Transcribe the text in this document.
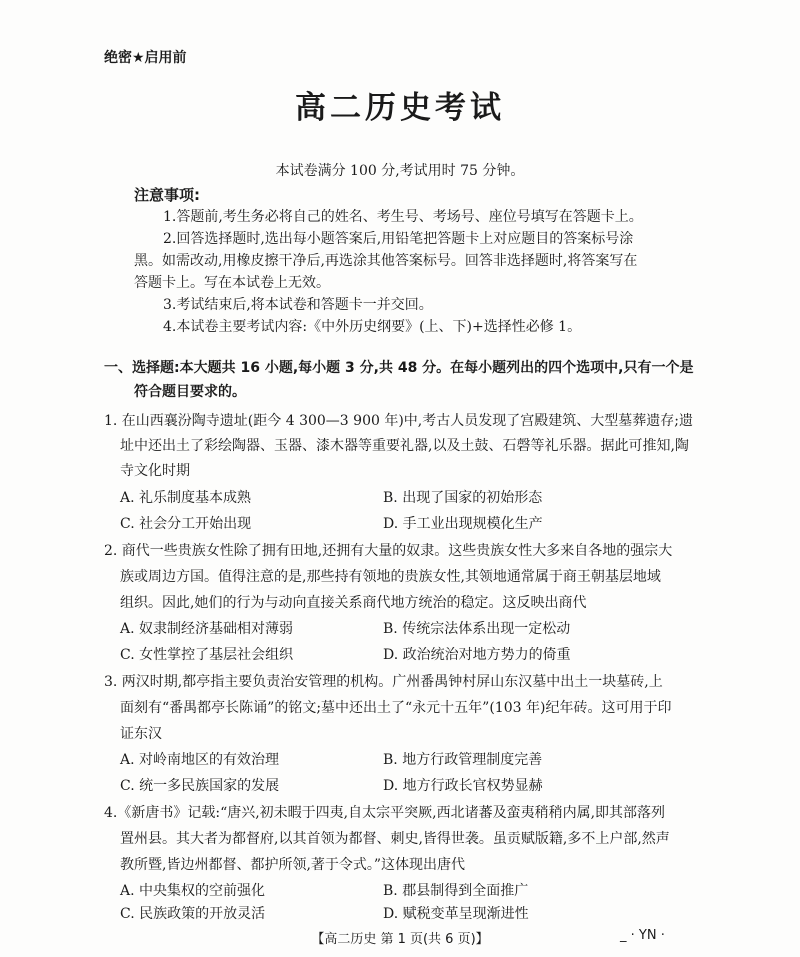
绝密★启用前
高二历史考试
本试卷满分 100 分,考试用时 75 分钟。
注意事项:
1.答题前,考生务必将自己的姓名、考生号、考场号、座位号填写在答题卡上。
2.回答选择题时,选出每小题答案后,用铅笔把答题卡上对应题目的答案标号涂
黑。如需改动,用橡皮擦干净后,再选涂其他答案标号。回答非选择题时,将答案写在
答题卡上。写在本试卷上无效。
3.考试结束后,将本试卷和答题卡一并交回。
4.本试卷主要考试内容:《中外历史纲要》(上、下)+选择性必修 1。
一、选择题:本大题共 16 小题,每小题 3 分,共 48 分。在每小题列出的四个选项中,只有一个是
符合题目要求的。
1. 在山西襄汾陶寺遗址(距今 4 300—3 900 年)中,考古人员发现了宫殿建筑、大型墓葬遗存;遗
址中还出土了彩绘陶器、玉器、漆木器等重要礼器,以及土鼓、石磬等礼乐器。据此可推知,陶
寺文化时期
A. 礼乐制度基本成熟	B. 出现了国家的初始形态
C. 社会分工开始出现	D. 手工业出现规模化生产
2. 商代一些贵族女性除了拥有田地,还拥有大量的奴隶。这些贵族女性大多来自各地的强宗大
族或周边方国。值得注意的是,那些持有领地的贵族女性,其领地通常属于商王朝基层地域
组织。因此,她们的行为与动向直接关系商代地方统治的稳定。这反映出商代
A. 奴隶制经济基础相对薄弱	B. 传统宗法体系出现一定松动
C. 女性掌控了基层社会组织	D. 政治统治对地方势力的倚重
3. 两汉时期,都亭指主要负责治安管理的机构。广州番禺钟村屏山东汉墓中出土一块墓砖,上
面刻有“番禺都亭长陈诵”的铭文;墓中还出土了“永元十五年”(103 年)纪年砖。这可用于印
证东汉
A. 对岭南地区的有效治理	B. 地方行政管理制度完善
C. 统一多民族国家的发展	D. 地方行政长官权势显赫
4.《新唐书》记载:“唐兴,初未暇于四夷,自太宗平突厥,西北诸蕃及蛮夷稍稍内属,即其部落列
置州县。其大者为都督府,以其首领为都督、刺史,皆得世袭。虽贡赋版籍,多不上户部,然声
教所暨,皆边州都督、都护所领,著于令式。”这体现出唐代
A. 中央集权的空前强化	B. 郡县制得到全面推广
C. 民族政策的开放灵活	D. 赋税变革呈现渐进性
【高二历史 第 1 页(共 6 页)】	_ · YN ·
